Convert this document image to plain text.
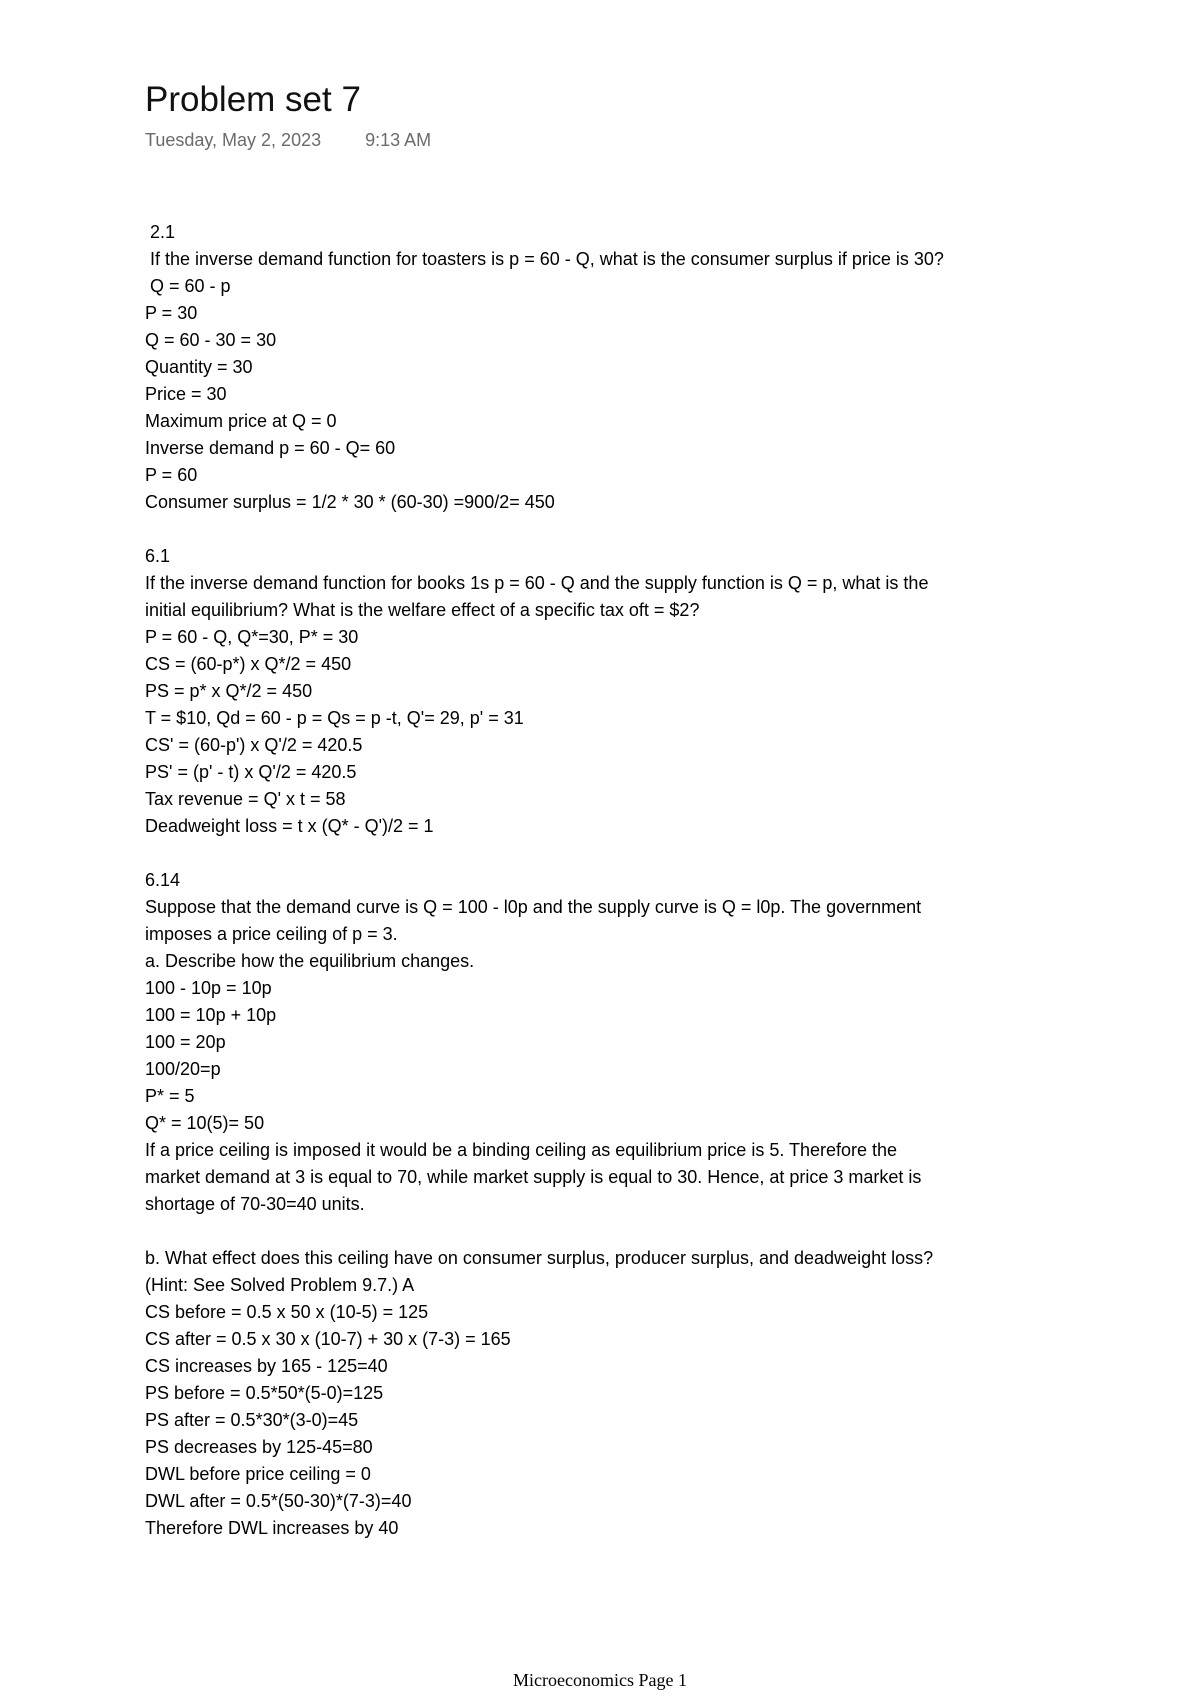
Problem set 7
Tuesday, May 2, 2023 9:13 AM
2.1
If the inverse demand function for toasters is p = 60 - Q, what is the consumer surplus if price is 30?
Q = 60 - p
P = 30
Q = 60 - 30 = 30
Quantity = 30
Price = 30
Maximum price at Q = 0
Inverse demand p = 60 - Q= 60
P = 60
Consumer surplus = 1/2 * 30 * (60-30) =900/2= 450
6.1
If the inverse demand function for books 1s p = 60 - Q and the supply function is Q = p, what is the
initial equilibrium? What is the welfare effect of a specific tax oft = $2?
P = 60 - Q, Q*=30, P* = 30
CS = (60-p*) x Q*/2 = 450
PS = p* x Q*/2 = 450
T = $10, Qd = 60 - p = Qs = p -t, Q'= 29, p' = 31
CS' = (60-p') x Q'/2 = 420.5
PS' = (p' - t) x Q'/2 = 420.5
Tax revenue = Q' x t = 58
Deadweight loss = t x (Q* - Q')/2 = 1
6.14
Suppose that the demand curve is Q = 100 - l0p and the supply curve is Q = l0p. The government
imposes a price ceiling of p = 3.
a. Describe how the equilibrium changes.
100 - 10p = 10p
100 = 10p + 10p
100 = 20p
100/20=p
P* = 5
Q* = 10(5)= 50
If a price ceiling is imposed it would be a binding ceiling as equilibrium price is 5. Therefore the
market demand at 3 is equal to 70, while market supply is equal to 30. Hence, at price 3 market is
shortage of 70-30=40 units.
b. What effect does this ceiling have on consumer surplus, producer surplus, and deadweight loss?
(Hint: See Solved Problem 9.7.) A
CS before = 0.5 x 50 x (10-5) = 125
CS after = 0.5 x 30 x (10-7) + 30 x (7-3) = 165
CS increases by 165 - 125=40
PS before = 0.5*50*(5-0)=125
PS after = 0.5*30*(3-0)=45
PS decreases by 125-45=80
DWL before price ceiling = 0
DWL after = 0.5*(50-30)*(7-3)=40
Therefore DWL increases by 40
Microeconomics Page 1
